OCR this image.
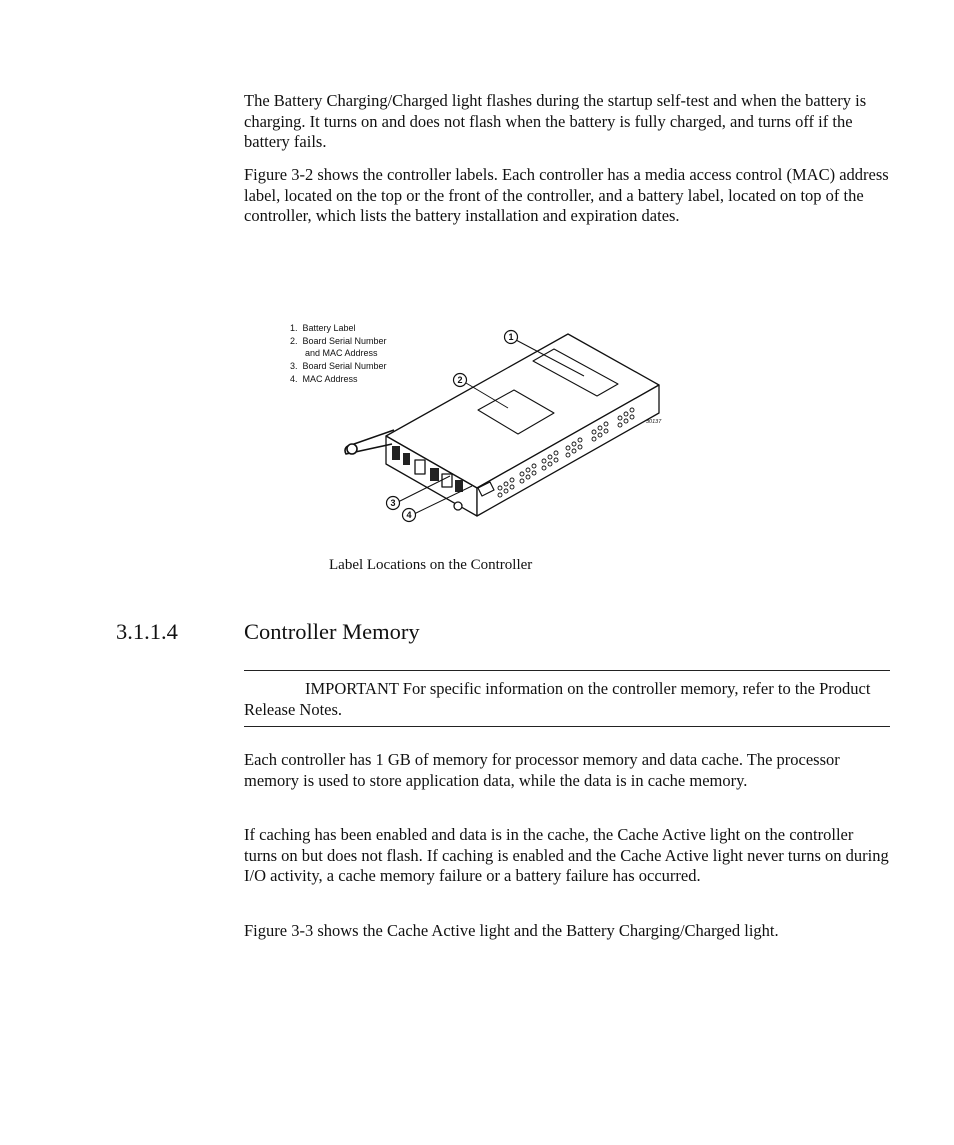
The Battery Charging/Charged light flashes during the startup self-test and when the battery is charging. It turns on and does not flash when the battery is fully charged, and turns off if the battery fails.

Figure 3-2 shows the controller labels. Each controller has a media access control (MAC) address label, located on the top or the front of the controller, and a battery label, located on top of the controller, which lists the battery installation and expiration dates.

1.  Battery Label
2.  Board Serial Number
and MAC Address
3.  Board Serial Number
4.  MAC Address
1
2
3
4
30137
Label Locations on the Controller
3.1.1.4	Controller Memory

IMPORTANT For specific information on the controller memory, refer to the Product Release Notes.

Each controller has 1 GB of memory for processor memory and data cache. The processor memory is used to store application data, while the data is in cache memory.

If caching has been enabled and data is in the cache, the Cache Active light on the controller turns on but does not flash. If caching is enabled and the Cache Active light never turns on during I/O activity, a cache memory failure or a battery failure has occurred.

Figure 3-3 shows the Cache Active light and the Battery Charging/Charged light.
